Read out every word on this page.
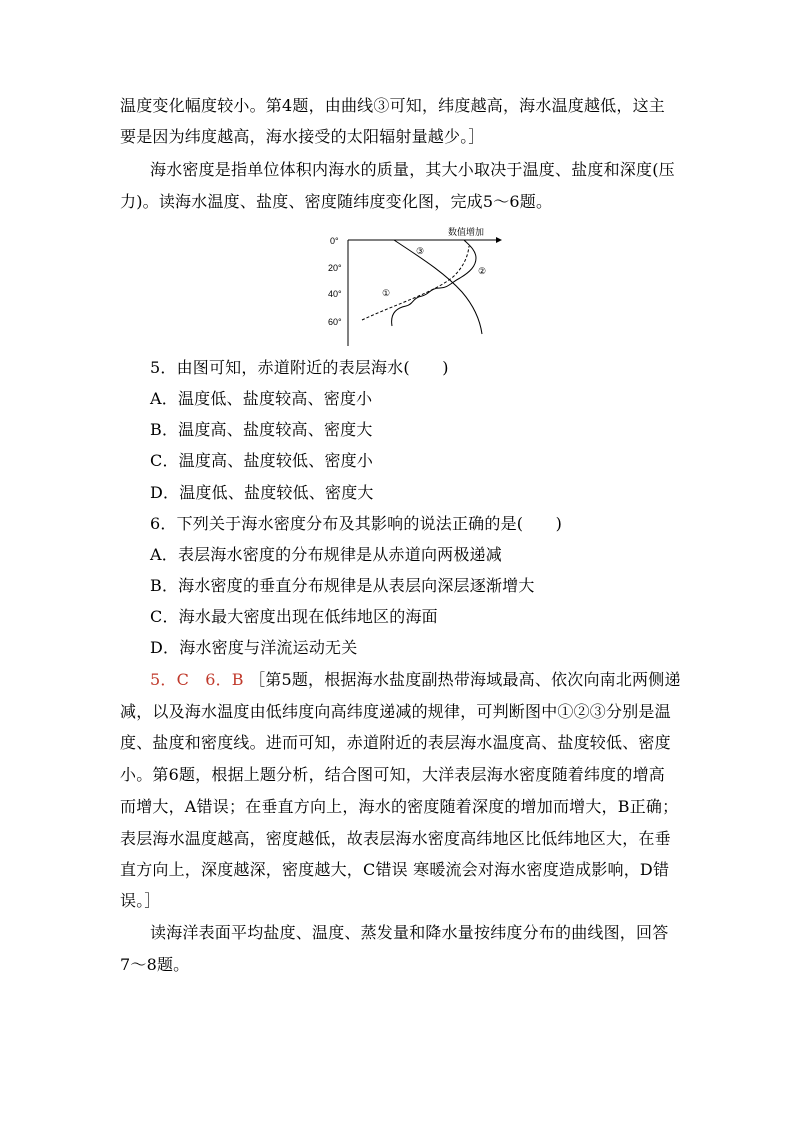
温度变化幅度较小。第4题，由曲线③可知，纬度越高，海水温度越低，这主
要是因为纬度越高，海水接受的太阳辐射量越少。］
海水密度是指单位体积内海水的质量，其大小取决于温度、盐度和深度(压
力)。读海水温度、盐度、密度随纬度变化图，完成5～6题。
0°
20°
40°
60°
数值增加
①
②
③
5．由图可知，赤道附近的表层海水(　　)
A．温度低、盐度较高、密度小
B．温度高、盐度较高、密度大
C．温度高、盐度较低、密度小
D．温度低、盐度较低、密度大
6．下列关于海水密度分布及其影响的说法正确的是(　　)
A．表层海水密度的分布规律是从赤道向两极递减
B．海水密度的垂直分布规律是从表层向深层逐渐增大
C．海水最大密度出现在低纬地区的海面
D．海水密度与洋流运动无关
5．C　6．B ［第5题，根据海水盐度副热带海域最高、依次向南北两侧递
减，以及海水温度由低纬度向高纬度递减的规律，可判断图中①②③分别是温
度、盐度和密度线。进而可知，赤道附近的表层海水温度高、盐度较低、密度
小。第6题，根据上题分析，结合图可知，大洋表层海水密度随着纬度的增高
而增大，A错误；在垂直方向上，海水的密度随着深度的增加而增大，B正确；
表层海水温度越高，密度越低，故表层海水密度高纬地区比低纬地区大，在垂
直方向上，深度越深，密度越大，C错误 寒暖流会对海水密度造成影响，D错
误。］
读海洋表面平均盐度、温度、蒸发量和降水量按纬度分布的曲线图，回答
7～8题。
